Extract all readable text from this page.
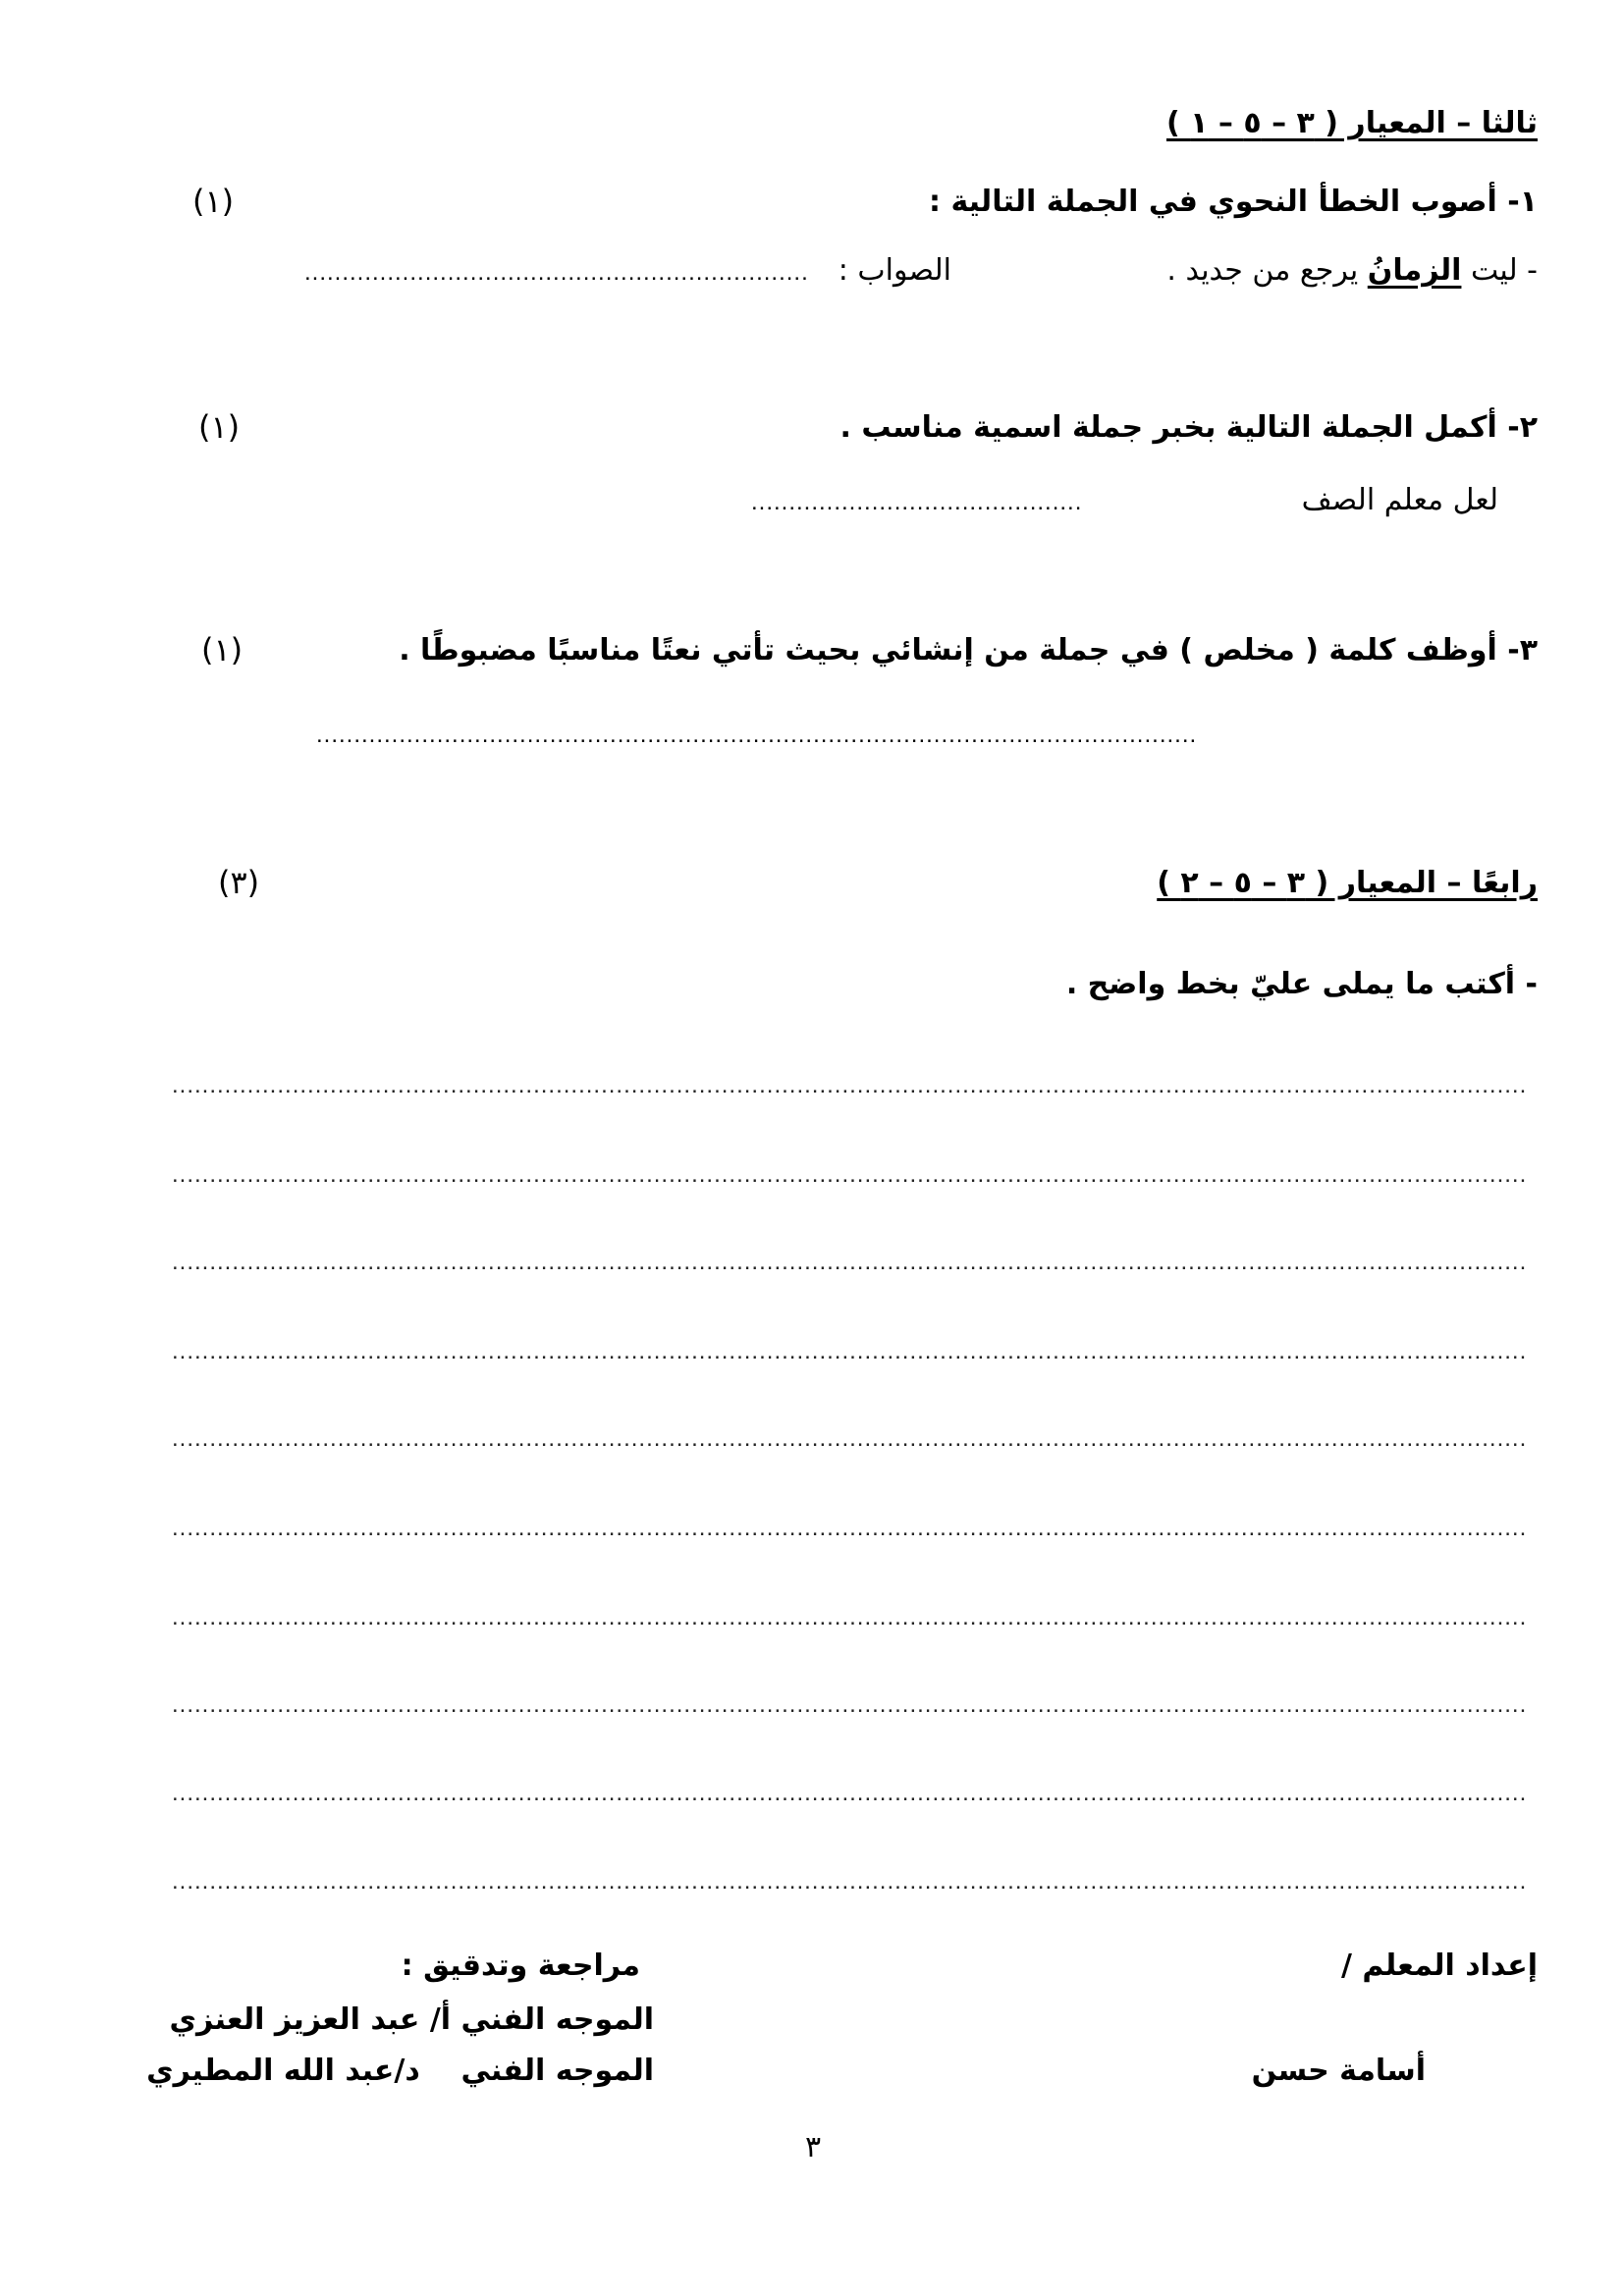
ثالثا – المعيار ( ٣ – ٥ – ١ )
١- أصوب الخطأ النحوي في الجملة التالية :
(١)
- ليت الزمانُ يرجع من جديد .
الصواب :
...................................................................
٢- أكمل الجملة التالية بخبر جملة اسمية مناسب .
(١)
لعل معلم الصف
............................................
٣- أوظف كلمة ( مخلص ) في جملة من إنشائي بحيث تأتي نعتًا مناسبًا مضبوطًا .
(١)
.....................................................................................................................
رابعًا – المعيار ( ٣ – ٥ – ٢ )
(٣)
- أكتب ما يملى عليّ بخط واضح .
....................................................................................................................................................................................
....................................................................................................................................................................................
....................................................................................................................................................................................
....................................................................................................................................................................................
....................................................................................................................................................................................
....................................................................................................................................................................................
....................................................................................................................................................................................
....................................................................................................................................................................................
....................................................................................................................................................................................
....................................................................................................................................................................................
إعداد المعلم /
مراجعة وتدقيق :
الموجه الفني أ/ عبد العزيز العنزي
أسامة حسن
الموجه الفني    د/عبد الله المطيري
٣
